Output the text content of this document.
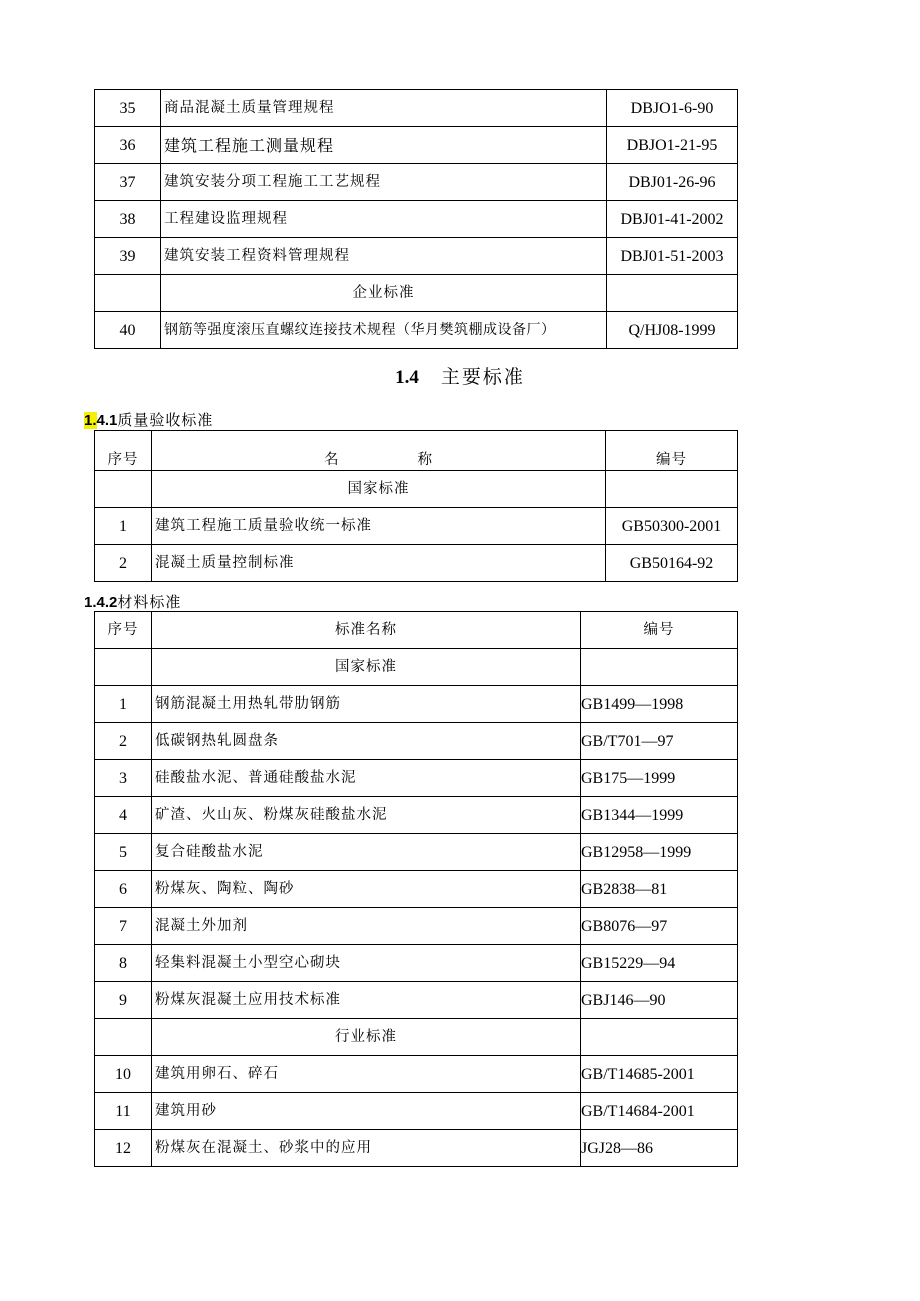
35	商品混凝土质量管理规程	DBJO1-6-90
36	建筑工程施工测量规程	DBJO1-21-95
37	建筑安装分项工程施工工艺规程	DBJ01-26-96
38	工程建设监理规程	DBJ01-41-2002
39	建筑安装工程资料管理规程	DBJ01-51-2003
	企业标准	
40	钢筋等强度滚压直螺纹连接技术规程（华月樊筑棚成设备厂）	Q/HJ08-1999
1.4 主要标准
1.4.1质量验收标准
序号	名 称	编号
	国家标准	
1	建筑工程施工质量验收统一标准	GB50300-2001
2	混凝土质量控制标准	GB50164-92
1.4.2材料标准
序号	标准名称	编号
	国家标准	
1	钢筋混凝土用热轧带肋钢筋	GB1499—1998
2	低碳钢热轧圆盘条	GB/T701—97
3	硅酸盐水泥、普通硅酸盐水泥	GB175—1999
4	矿渣、火山灰、粉煤灰硅酸盐水泥	GB1344—1999
5	复合硅酸盐水泥	GB12958—1999
6	粉煤灰、陶粒、陶砂	GB2838—81
7	混凝土外加剂	GB8076—97
8	轻集料混凝土小型空心砌块	GB15229—94
9	粉煤灰混凝土应用技术标准	GBJ146—90
	行业标准	
10	建筑用卵石、碎石	GB/T14685-2001
11	建筑用砂	GB/T14684-2001
12	粉煤灰在混凝土、砂浆中的应用	JGJ28—86
